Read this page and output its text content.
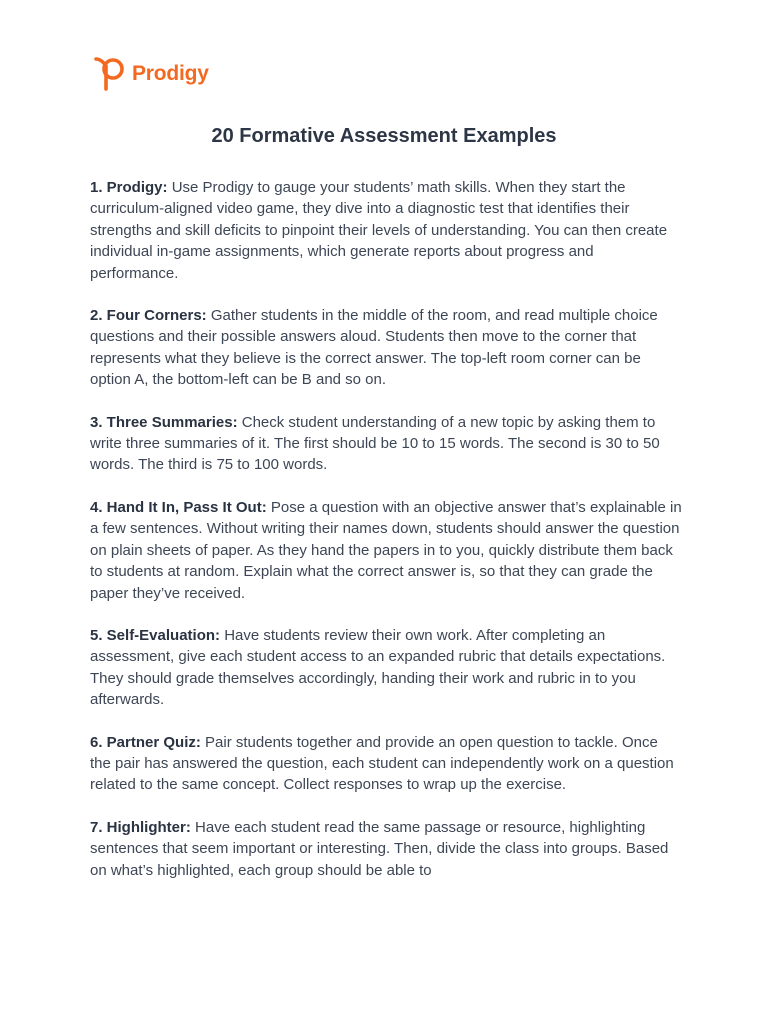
Prodigy
20 Formative Assessment Examples

1. Prodigy: Use Prodigy to gauge your students’ math skills. When they start the curriculum-aligned video game, they dive into a diagnostic test that identifies their strengths and skill deficits to pinpoint their levels of understanding. You can then create individual in-game assignments, which generate reports about progress and performance.

2. Four Corners: Gather students in the middle of the room, and read multiple choice questions and their possible answers aloud. Students then move to the corner that represents what they believe is the correct answer. The top-left room corner can be option A, the bottom-left can be B and so on.

3. Three Summaries: Check student understanding of a new topic by asking them to write three summaries of it. The first should be 10 to 15 words. The second is 30 to 50 words. The third is 75 to 100 words.

4. Hand It In, Pass It Out: Pose a question with an objective answer that’s explainable in a few sentences. Without writing their names down, students should answer the question on plain sheets of paper. As they hand the papers in to you, quickly distribute them back to students at random. Explain what the correct answer is, so that they can grade the paper they’ve received.

5. Self-Evaluation: Have students review their own work. After completing an assessment, give each student access to an expanded rubric that details expectations. They should grade themselves accordingly, handing their work and rubric in to you afterwards.

6. Partner Quiz: Pair students together and provide an open question to tackle. Once the pair has answered the question, each student can independently work on a question related to the same concept. Collect responses to wrap up the exercise.

7. Highlighter: Have each student read the same passage or resource, highlighting sentences that seem important or interesting. Then, divide the class into groups. Based on what’s highlighted, each group should be able to
